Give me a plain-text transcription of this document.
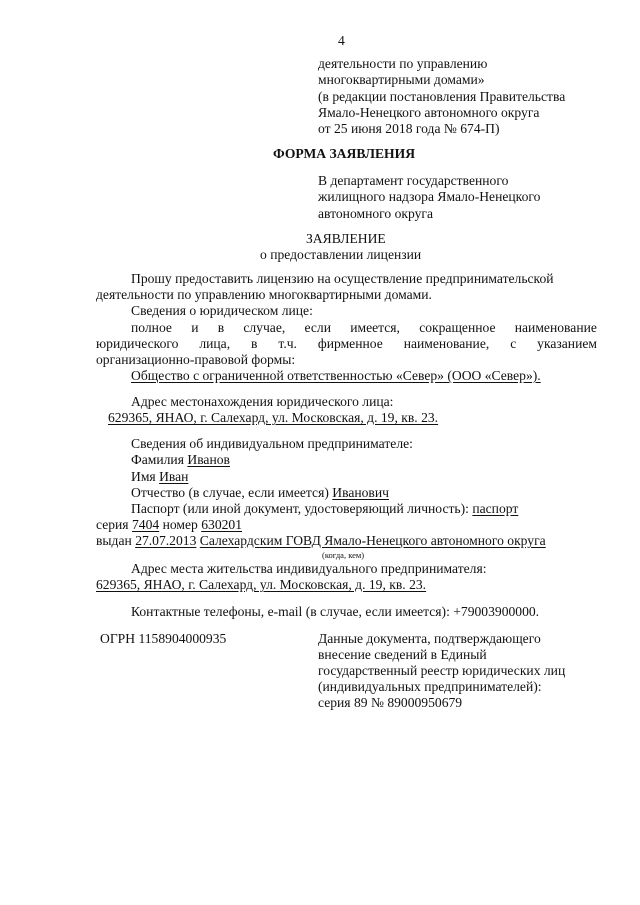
4
деятельности по управлению
многоквартирными домами»
(в редакции постановления Правительства
Ямало-Ненецкого автономного округа
от 25 июня 2018 года № 674-П)
ФОРМА ЗАЯВЛЕНИЯ
В департамент государственного
жилищного надзора Ямало-Ненецкого
автономного округа
ЗАЯВЛЕНИЕ
о предоставлении лицензии
Прошу предоставить лицензию на осуществление предпринимательской
деятельности по управлению многоквартирными домами.
Сведения о юридическом лице:
полное и в случае, если имеется, сокращенное наименование
юридического лица, в т.ч. фирменное наименование, с указанием
организационно-правовой формы:
Общество с ограниченной ответственностью «Север» (ООО «Север»).
Адрес местонахождения юридического лица:
629365, ЯНАО, г. Салехард, ул. Московская, д. 19, кв. 23.
Сведения об индивидуальном предпринимателе:
Фамилия Иванов
Имя Иван
Отчество (в случае, если имеется) Иванович
Паспорт (или иной документ, удостоверяющий личность): паспорт
серия 7404 номер 630201
выдан 27.07.2013 Салехардским ГОВД Ямало-Ненецкого автономного округа
(когда, кем)
Адрес места жительства индивидуального предпринимателя:
629365, ЯНАО, г. Салехард, ул. Московская, д. 19, кв. 23.
Контактные телефоны, e-mail (в случае, если имеется): +79003900000.
ОГРН 1158904000935	Данные документа, подтверждающего
внесение сведений в Единый
государственный реестр юридических лиц
(индивидуальных предпринимателей):
серия 89 № 89000950679
